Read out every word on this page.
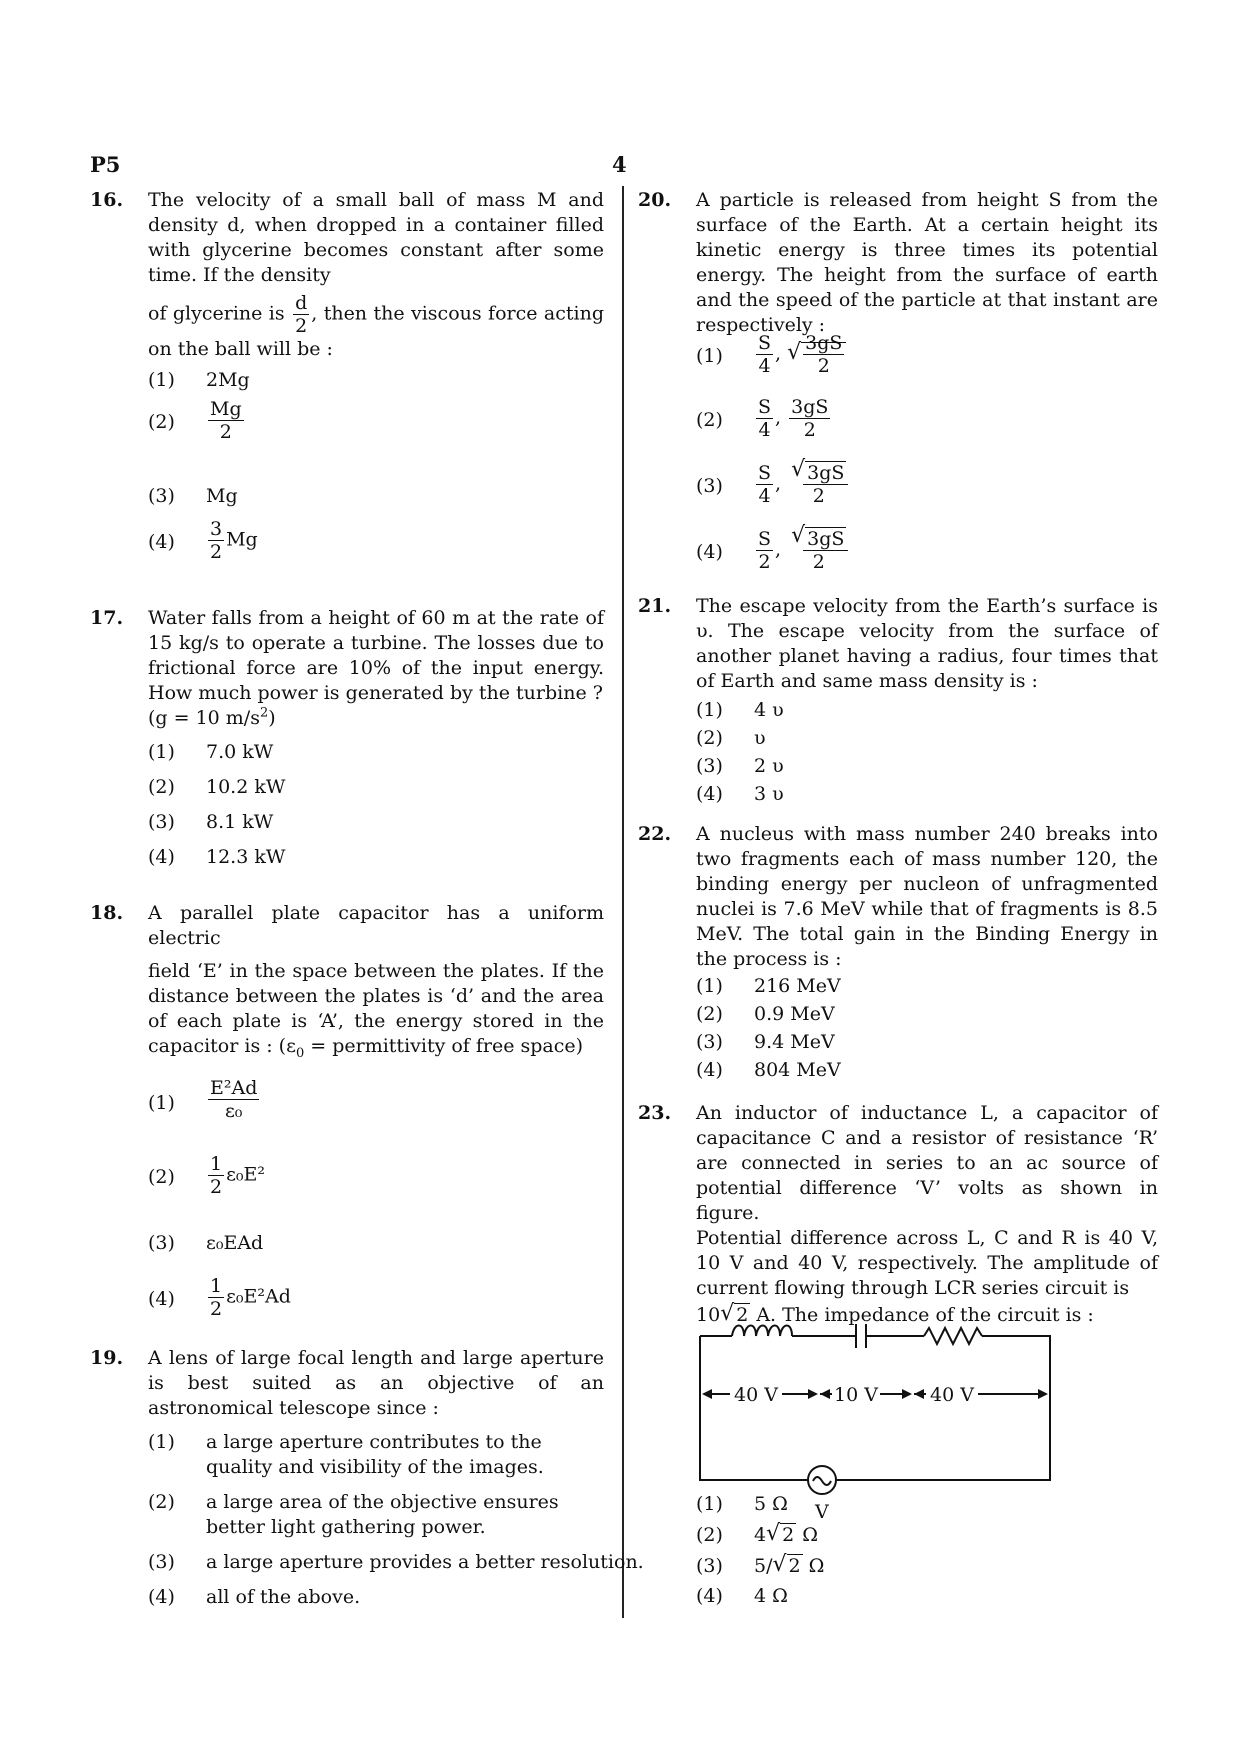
P5	4
16. The velocity of a small ball of mass M and density d, when dropped in a container filled with glycerine becomes constant after some time. If the density
of glycerine is $\frac{d}{2}$ , then the viscous force acting on the ball will be :
(1) 2Mg
$(2) \frac{Mg}{2}$
(3) Mg
$(4) \frac{3}{2}$ Mg
17. Water falls from a height of 60 m at the rate of 15 kg/s to operate a turbine. The losses due to frictional force are 10% of the input energy. How much power is generated by the turbine ?
(g = 10 $m/s^2$)
(1) 7.0 kW
(2) 10.2 kW
(3) 8.1 kW
(4) 12.3 kW
18. A parallel plate capacitor has a uniform electric
field ‘E’ in the space between the plates. If the distance between the plates is ‘d’ and the area of each plate is ‘A’, the energy stored in the capacitor is : ($\varepsilon_0$ = permittivity of free space)
$(1) \frac{\text{E²Ad}}{\text{ε₀}}$
$(2) \frac{1}{2} \varepsilon_0E^2$
(3) ε₀EAd
$(4) \frac{1}{2} \varepsilon_0E^2Ad$
19. A lens of large focal length and large aperture is best suited as an objective of an astronomical telescope since :
(1) a large aperture contributes to the quality and visibility of the images.
(2) a large area of the objective ensures better light gathering power.
(3) a large aperture provides a better resolution.
(4) all of the above.
20. A particle is released from height S from the surface of the Earth. At a certain height its kinetic energy is three times its potential energy. The height from the surface of earth and the speed of the particle at that instant are respectively :
$(1) \frac{S}{4}$ , √ $\frac{3gS}{2}$
$(2) \frac{S}{4}$ , $\frac{3gS}{2}$
$(3) \frac{S}{4}$ , √ $\frac{3gS}{2}$
$(4) \frac{S}{2}$ , √ $\frac{3gS}{2}$
21. The escape velocity from the Earth’s surface is υ. The escape velocity from the surface of another planet having a radius, four times that of Earth and same mass density is :
(1) 4 υ
(2) υ
(3) 2 υ
(4) 3 υ
22. A nucleus with mass number 240 breaks into two fragments each of mass number 120, the binding energy per nucleon of unfragmented nuclei is 7.6 MeV while that of fragments is 8.5 MeV. The total gain in the Binding Energy in the process is :
(1) 216 MeV
(2) 0.9 MeV
(3) 9.4 MeV
(4) 804 MeV
23. An inductor of inductance L, a capacitor of capacitance C and a resistor of resistance ‘R’ are connected in series to an ac source of potential difference ‘V’ volts as shown in figure.
Potential difference across L, C and R is 40 V, 10 V and 40 V, respectively. The amplitude of current flowing through LCR series circuit is
10 √ 2 A. The impedance of the circuit is :
40 V	10 V	40 V
V
(1) 5 Ω
(2) 4 √ 2 Ω
(3) 5/ √ 2 Ω
(4) 4 Ω
